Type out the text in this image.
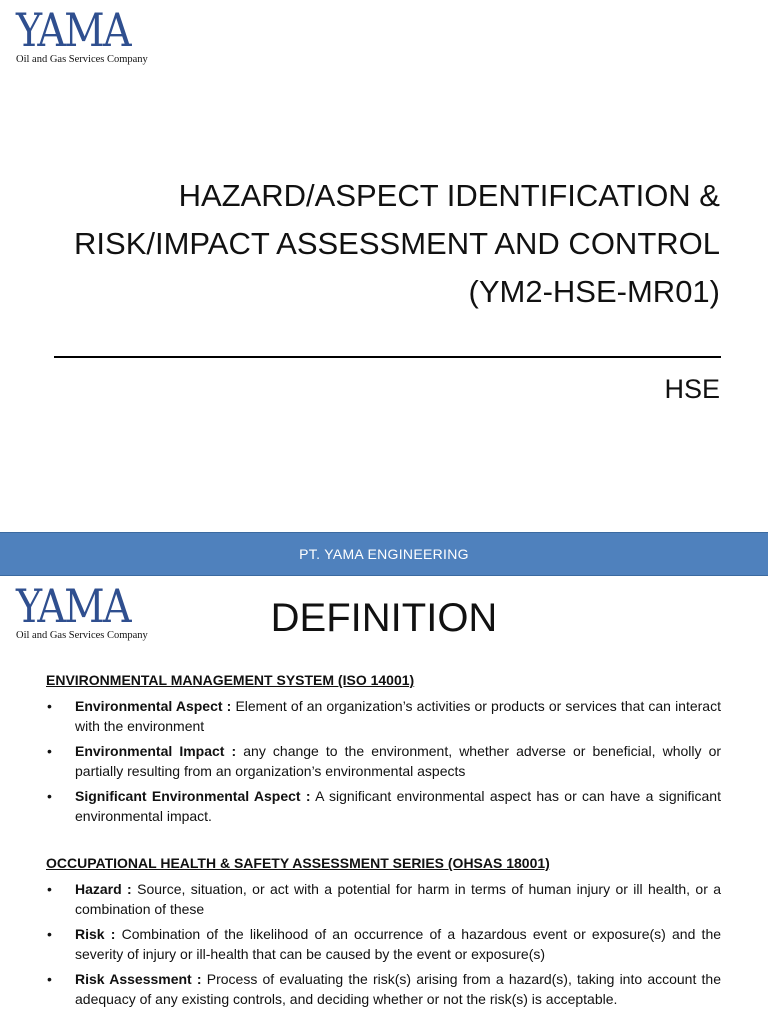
YAMA
Oil and Gas Services Company
HAZARD/ASPECT IDENTIFICATION &
RISK/IMPACT ASSESSMENT AND CONTROL
(YM2-HSE-MR01)
HSE
PT. YAMA ENGINEERING
YAMA
Oil and Gas Services Company	DEFINITION
ENVIRONMENTAL MANAGEMENT SYSTEM (ISO 14001)
• Environmental Aspect : Element of an organization’s activities or products or services that can interact with the environment
• Environmental Impact : any change to the environment, whether adverse or beneficial, wholly or partially resulting from an organization’s environmental aspects
• Significant Environmental Aspect : A significant environmental aspect has or can have a significant environmental impact.
OCCUPATIONAL HEALTH & SAFETY ASSESSMENT SERIES (OHSAS 18001)
• Hazard : Source, situation, or act with a potential for harm in terms of human injury or ill health, or a combination of these
• Risk : Combination of the likelihood of an occurrence of a hazardous event or exposure(s) and the severity of injury or ill-health that can be caused by the event or exposure(s)
• Risk Assessment : Process of evaluating the risk(s) arising from a hazard(s), taking into account the adequacy of any existing controls, and deciding whether or not the risk(s) is acceptable.
